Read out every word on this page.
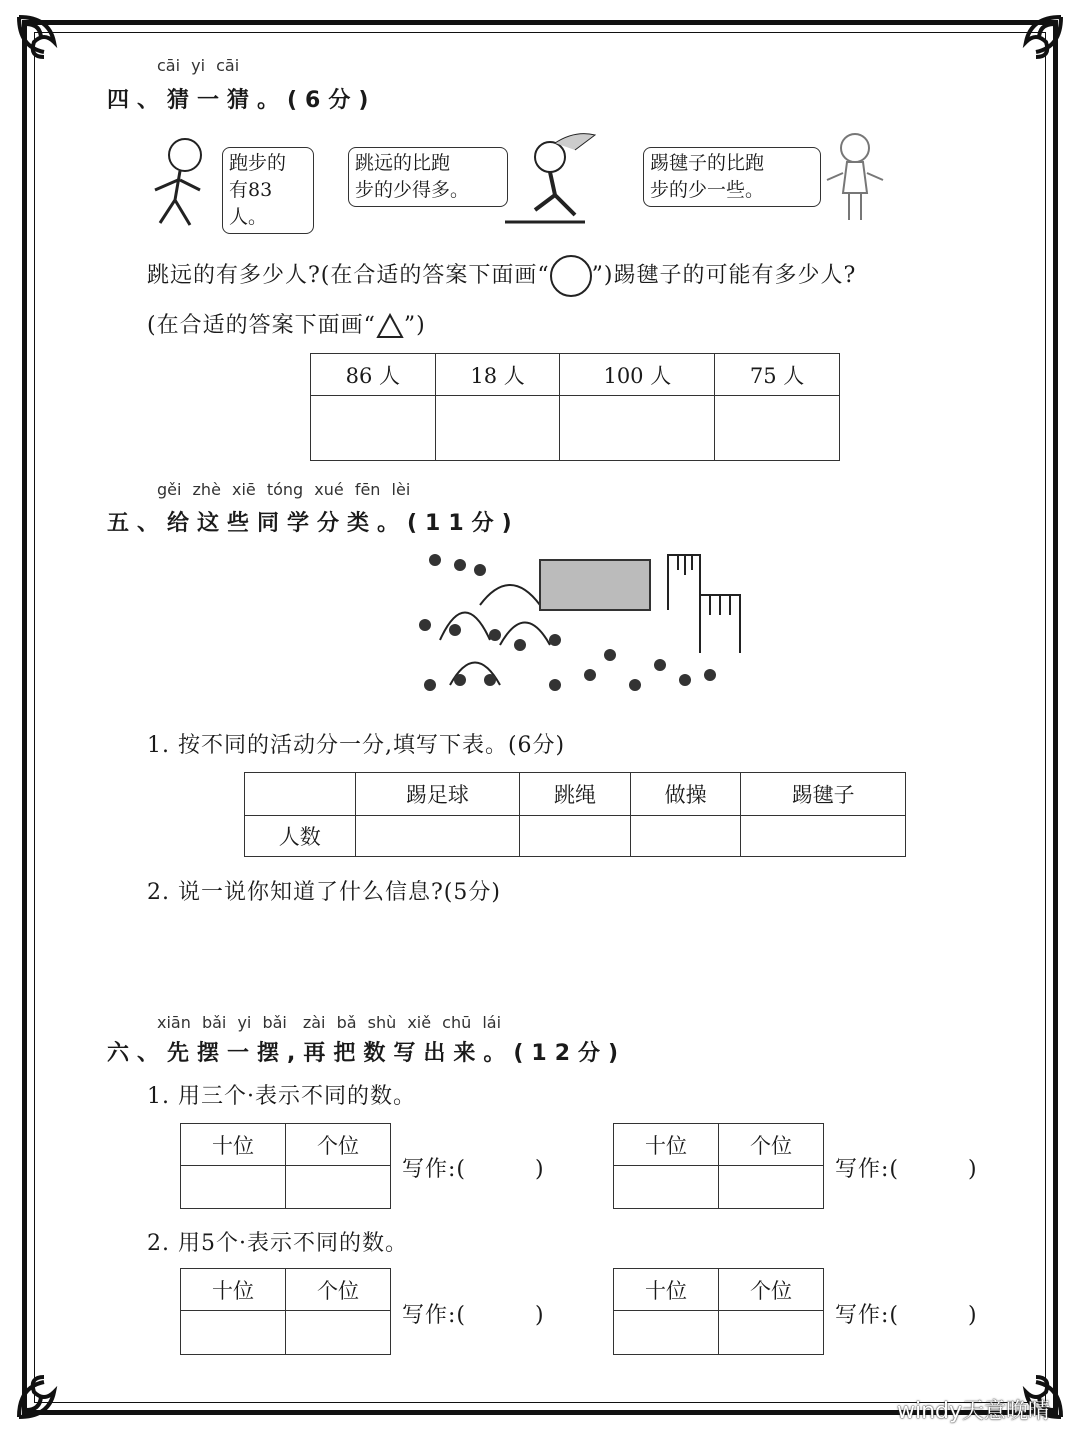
cāi yi cāi
四、猜一猜。(6分)
跑步的
有83人。
跳远的比跑
步的少得多。
踢毽子的比跑
步的少一些。
跳远的有多少人?(在合适的答案下面画“ ”)踢毽子的可能有多少人?
(在合适的答案下面画“ ”)
86 人	18 人	100 人	75 人

gěi zhè xiē tóng xué fēn lèi
五、给这些同学分类。(11分)
1. 按不同的活动分一分,填写下表。(6分)
	踢足球	跳绳	做操	踢毽子
人数				
2. 说一说你知道了什么信息?(5分)
xiān bǎi yi bǎi　zài bǎ shù xiě chū lái
六、先摆一摆,再把数写出来。(12分)
1. 用三个·表示不同的数。
2. 用5个·表示不同的数。
十位	个位

写作:(　　　)
十位	个位

写作:(　　　)
十位	个位

写作:(　　　)
十位	个位

写作:(　　　)
windy天意晚晴
